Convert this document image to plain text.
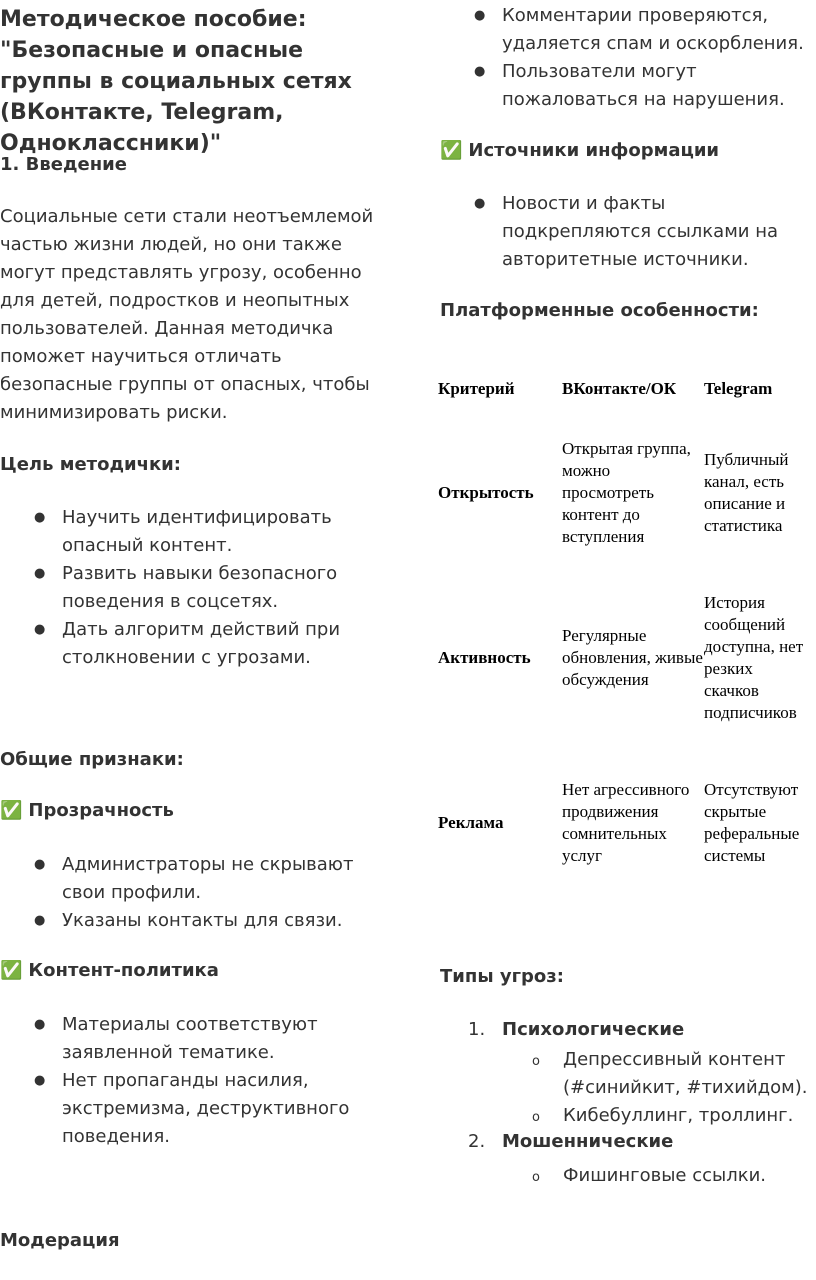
Методическое пособие: "Безопасные и опасные группы в социальных сетях (ВКонтакте, Telegram, Одноклассники)"
1. Введение

Социальные сети стали неотъемлемой частью жизни людей, но они также могут представлять угрозу, особенно для детей, подростков и неопытных пользователей. Данная методичка поможет научиться отличать безопасные группы от опасных, чтобы минимизировать риски.

Цель методички:
● Научить идентифицировать опасный контент.
● Развить навыки безопасного поведения в соцсетях.
● Дать алгоритм действий при столкновении с угрозами.
Общие признаки:
✅ Прозрачность
● Администраторы не скрывают свои профили.
● Указаны контакты для связи.
✅ Контент-политика
● Материалы соответствуют заявленной тематике.
● Нет пропаганды насилия, экстремизма, деструктивного поведения.
Модерация
● Комментарии проверяются, удаляется спам и оскорбления.
● Пользователи могут пожаловаться на нарушения.
✅ Источники информации
● Новости и факты подкрепляются ссылками на авторитетные источники.
Платформенные особенности:
Критерий	ВКонтакте/ОК	Telegram
Открытость	Открытая группа, можно просмотреть контент до вступления	Публичный канал, есть описание и статистика
Активность	Регулярные обновления, живые обсуждения	История сообщений доступна, нет резких скачков подписчиков
Реклама	Нет агрессивного продвижения сомнительных услуг	Отсутствуют скрытые реферальные системы
Типы угроз:
1. Психологические
o Депрессивный контент (#синийкит, #тихийдом).
o Кибебуллинг, троллинг.
2. Мошеннические
o Фишинговые ссылки.
